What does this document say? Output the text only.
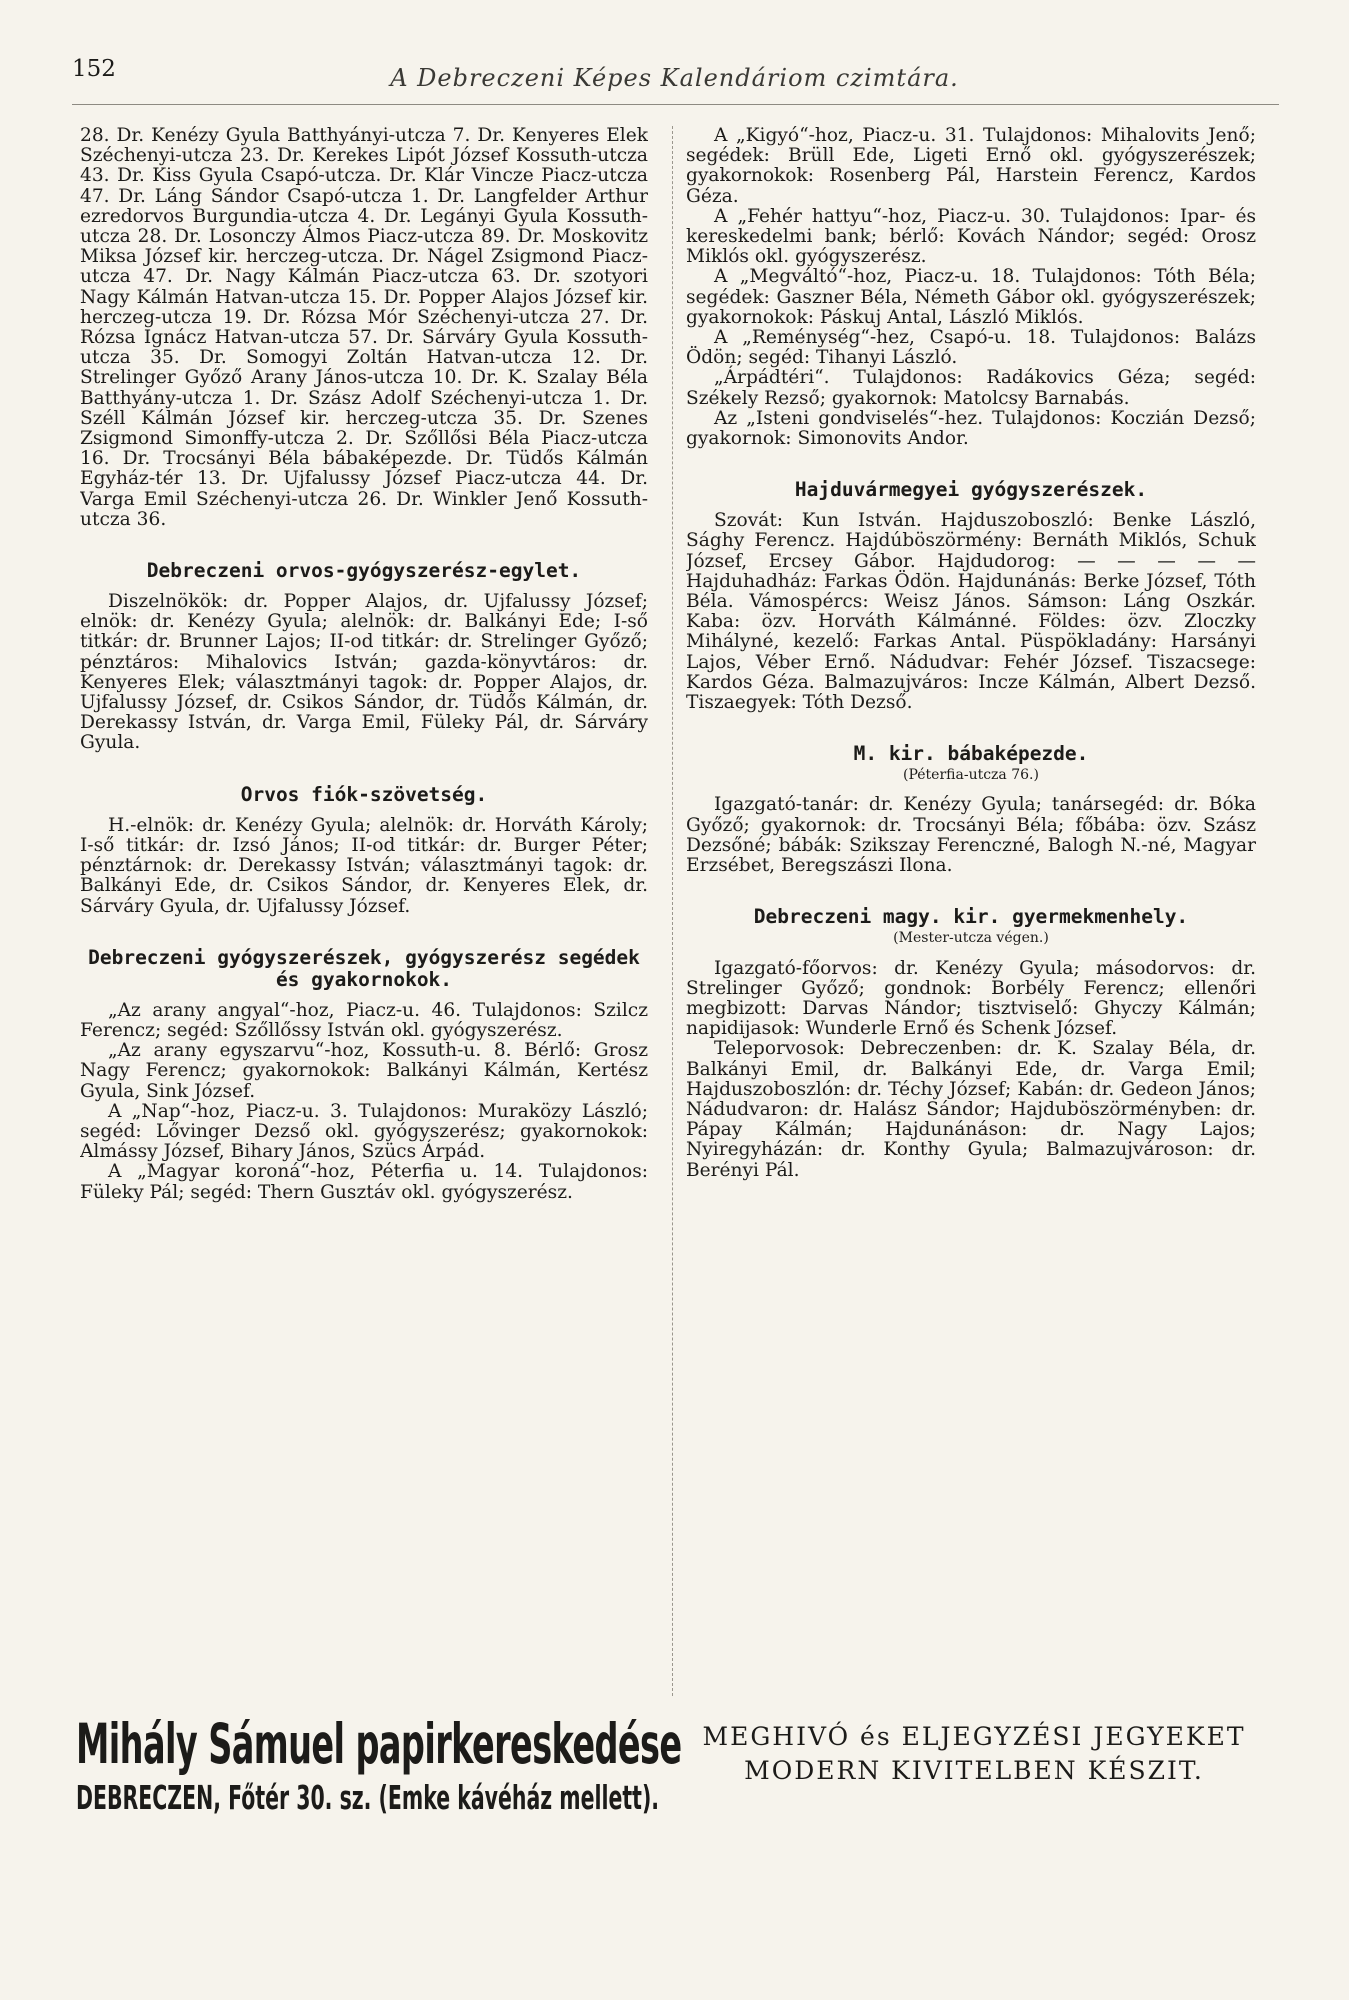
152	A Debreczeni Képes Kalendáriom czimtára.

28. Dr. Kenézy Gyula Batthyányi-utcza 7. Dr. Kenyeres Elek Széchenyi-utcza 23. Dr. Kerekes Lipót József Kossuth-utcza 43. Dr. Kiss Gyula Csapó-utcza. Dr. Klár Vincze Piacz-utcza 47. Dr. Láng Sándor Csapó-utcza 1. Dr. Langfelder Arthur ezredorvos Burgundia-utcza 4. Dr. Legányi Gyula Kossuth-utcza 28. Dr. Losonczy Álmos Piacz-utcza 89. Dr. Moskovitz Miksa József kir. herczeg-utcza. Dr. Nágel Zsigmond Piacz-utcza 47. Dr. Nagy Kálmán Piacz-utcza 63. Dr. szotyori Nagy Kálmán Hatvan-utcza 15. Dr. Popper Alajos József kir. herczeg-utcza 19. Dr. Rózsa Mór Széchenyi-utcza 27. Dr. Rózsa Ignácz Hatvan-utcza 57. Dr. Sárváry Gyula Kossuth-utcza 35. Dr. Somogyi Zoltán Hatvan-utcza 12. Dr. Strelinger Győző Arany János-utcza 10. Dr. K. Szalay Béla Batthyány-utcza 1. Dr. Szász Adolf Széchenyi-utcza 1. Dr. Széll Kálmán József kir. herczeg-utcza 35. Dr. Szenes Zsigmond Simonffy-utcza 2. Dr. Szőllősi Béla Piacz-utcza 16. Dr. Trocsányi Béla bábaképezde. Dr. Tüdős Kálmán Egyház-tér 13. Dr. Ujfalussy József Piacz-utcza 44. Dr. Varga Emil Széchenyi-utcza 26. Dr. Winkler Jenő Kossuth-utcza 36.

Debreczeni orvos-gyógyszerész-egylet.

Diszelnökök: dr. Popper Alajos, dr. Ujfalussy József; elnök: dr. Kenézy Gyula; alelnök: dr. Balkányi Ede; I-ső titkár: dr. Brunner Lajos; II-od titkár: dr. Strelinger Győző; pénztáros: Mihalovics István; gazda-könyvtáros: dr. Kenyeres Elek; választmányi tagok: dr. Popper Alajos, dr. Ujfalussy József, dr. Csikos Sándor, dr. Tüdős Kálmán, dr. Derekassy István, dr. Varga Emil, Füleky Pál, dr. Sárváry Gyula.

Orvos fiók-szövetség.

H.-elnök: dr. Kenézy Gyula; alelnök: dr. Horváth Károly; I-ső titkár: dr. Izsó János; II-od titkár: dr. Burger Péter; pénztárnok: dr. Derekassy István; választmányi tagok: dr. Balkányi Ede, dr. Csikos Sándor, dr. Kenyeres Elek, dr. Sárváry Gyula, dr. Ujfalussy József.

Debreczeni gyógyszerészek, gyógyszerész segédek és gyakornokok.

„Az arany angyal“-hoz, Piacz-u. 46. Tulajdonos: Szilcz Ferencz; segéd: Szőllőssy István okl. gyógyszerész.

„Az arany egyszarvu“-hoz, Kossuth-u. 8. Bérlő: Grosz Nagy Ferencz; gyakornokok: Balkányi Kálmán, Kertész Gyula, Sink József.

A „Nap“-hoz, Piacz-u. 3. Tulajdonos: Muraközy László; segéd: Lővinger Dezső okl. gyógyszerész; gyakornokok: Almássy József, Bihary János, Szücs Árpád.

A „Magyar koroná“-hoz, Péterfia u. 14. Tulajdonos: Füleky Pál; segéd: Thern Gusztáv okl. gyógyszerész.

A „Kigyó“-hoz, Piacz-u. 31. Tulajdonos: Mihalovits Jenő; segédek: Brüll Ede, Ligeti Ernő okl. gyógyszerészek; gyakornokok: Rosenberg Pál, Harstein Ferencz, Kardos Géza.

A „Fehér hattyu“-hoz, Piacz-u. 30. Tulajdonos: Ipar- és kereskedelmi bank; bérlő: Kovách Nándor; segéd: Orosz Miklós okl. gyógyszerész.

A „Megváltó“-hoz, Piacz-u. 18. Tulajdonos: Tóth Béla; segédek: Gaszner Béla, Németh Gábor okl. gyógyszerészek; gyakornokok: Páskuj Antal, László Miklós.

A „Reménység“-hez, Csapó-u. 18. Tulajdonos: Balázs Ödön; segéd: Tihanyi László.

„Árpádtéri“. Tulajdonos: Radákovics Géza; segéd: Székely Rezső; gyakornok: Matolcsy Barnabás.

Az „Isteni gondviselés“-hez. Tulajdonos: Koczián Dezső; gyakornok: Simonovits Andor.

Hajduvármegyei gyógyszerészek.

Szovát: Kun István. Hajduszoboszló: Benke László, Sághy Ferencz. Hajdúböszörmény: Bernáth Miklós, Schuk József, Ercsey Gábor. Hajdudorog: — — — — — Hajduhadház: Farkas Ödön. Hajdunánás: Berke József, Tóth Béla. Vámospércs: Weisz János. Sámson: Láng Oszkár. Kaba: özv. Horváth Kálmánné. Földes: özv. Zloczky Mihályné, kezelő: Farkas Antal. Püspökladány: Harsányi Lajos, Véber Ernő. Nádudvar: Fehér József. Tiszacsege: Kardos Géza. Balmazujváros: Incze Kálmán, Albert Dezső. Tiszaegyek: Tóth Dezső.

M. kir. bábaképezde.

(Péterfia-utcza 76.)

Igazgató-tanár: dr. Kenézy Gyula; tanársegéd: dr. Bóka Győző; gyakornok: dr. Trocsányi Béla; főbába: özv. Szász Dezsőné; bábák: Szikszay Ferenczné, Balogh N.-né, Magyar Erzsébet, Beregszászi Ilona.

Debreczeni magy. kir. gyermekmenhely.

(Mester-utcza végen.)

Igazgató-főorvos: dr. Kenézy Gyula; másodorvos: dr. Strelinger Győző; gondnok: Borbély Ferencz; ellenőri megbizott: Darvas Nándor; tisztviselő: Ghyczy Kálmán; napidijasok: Wunderle Ernő és Schenk József.

Teleporvosok: Debreczenben: dr. K. Szalay Béla, dr. Balkányi Emil, dr. Balkányi Ede, dr. Varga Emil; Hajduszoboszlón: dr. Téchy József; Kabán: dr. Gedeon János; Nádudvaron: dr. Halász Sándor; Hajduböszörményben: dr. Pápay Kálmán; Hajdunánáson: dr. Nagy Lajos; Nyiregyházán: dr. Konthy Gyula; Balmazujvároson: dr. Berényi Pál.

Mihály Sámuel papirkereskedése
DEBRECZEN, Főtér 30. sz. (Emke kávéház mellett).
MEGHIVÓ és ELJEGYZÉSI JEGYEKET MODERN KIVITELBEN KÉSZIT.
